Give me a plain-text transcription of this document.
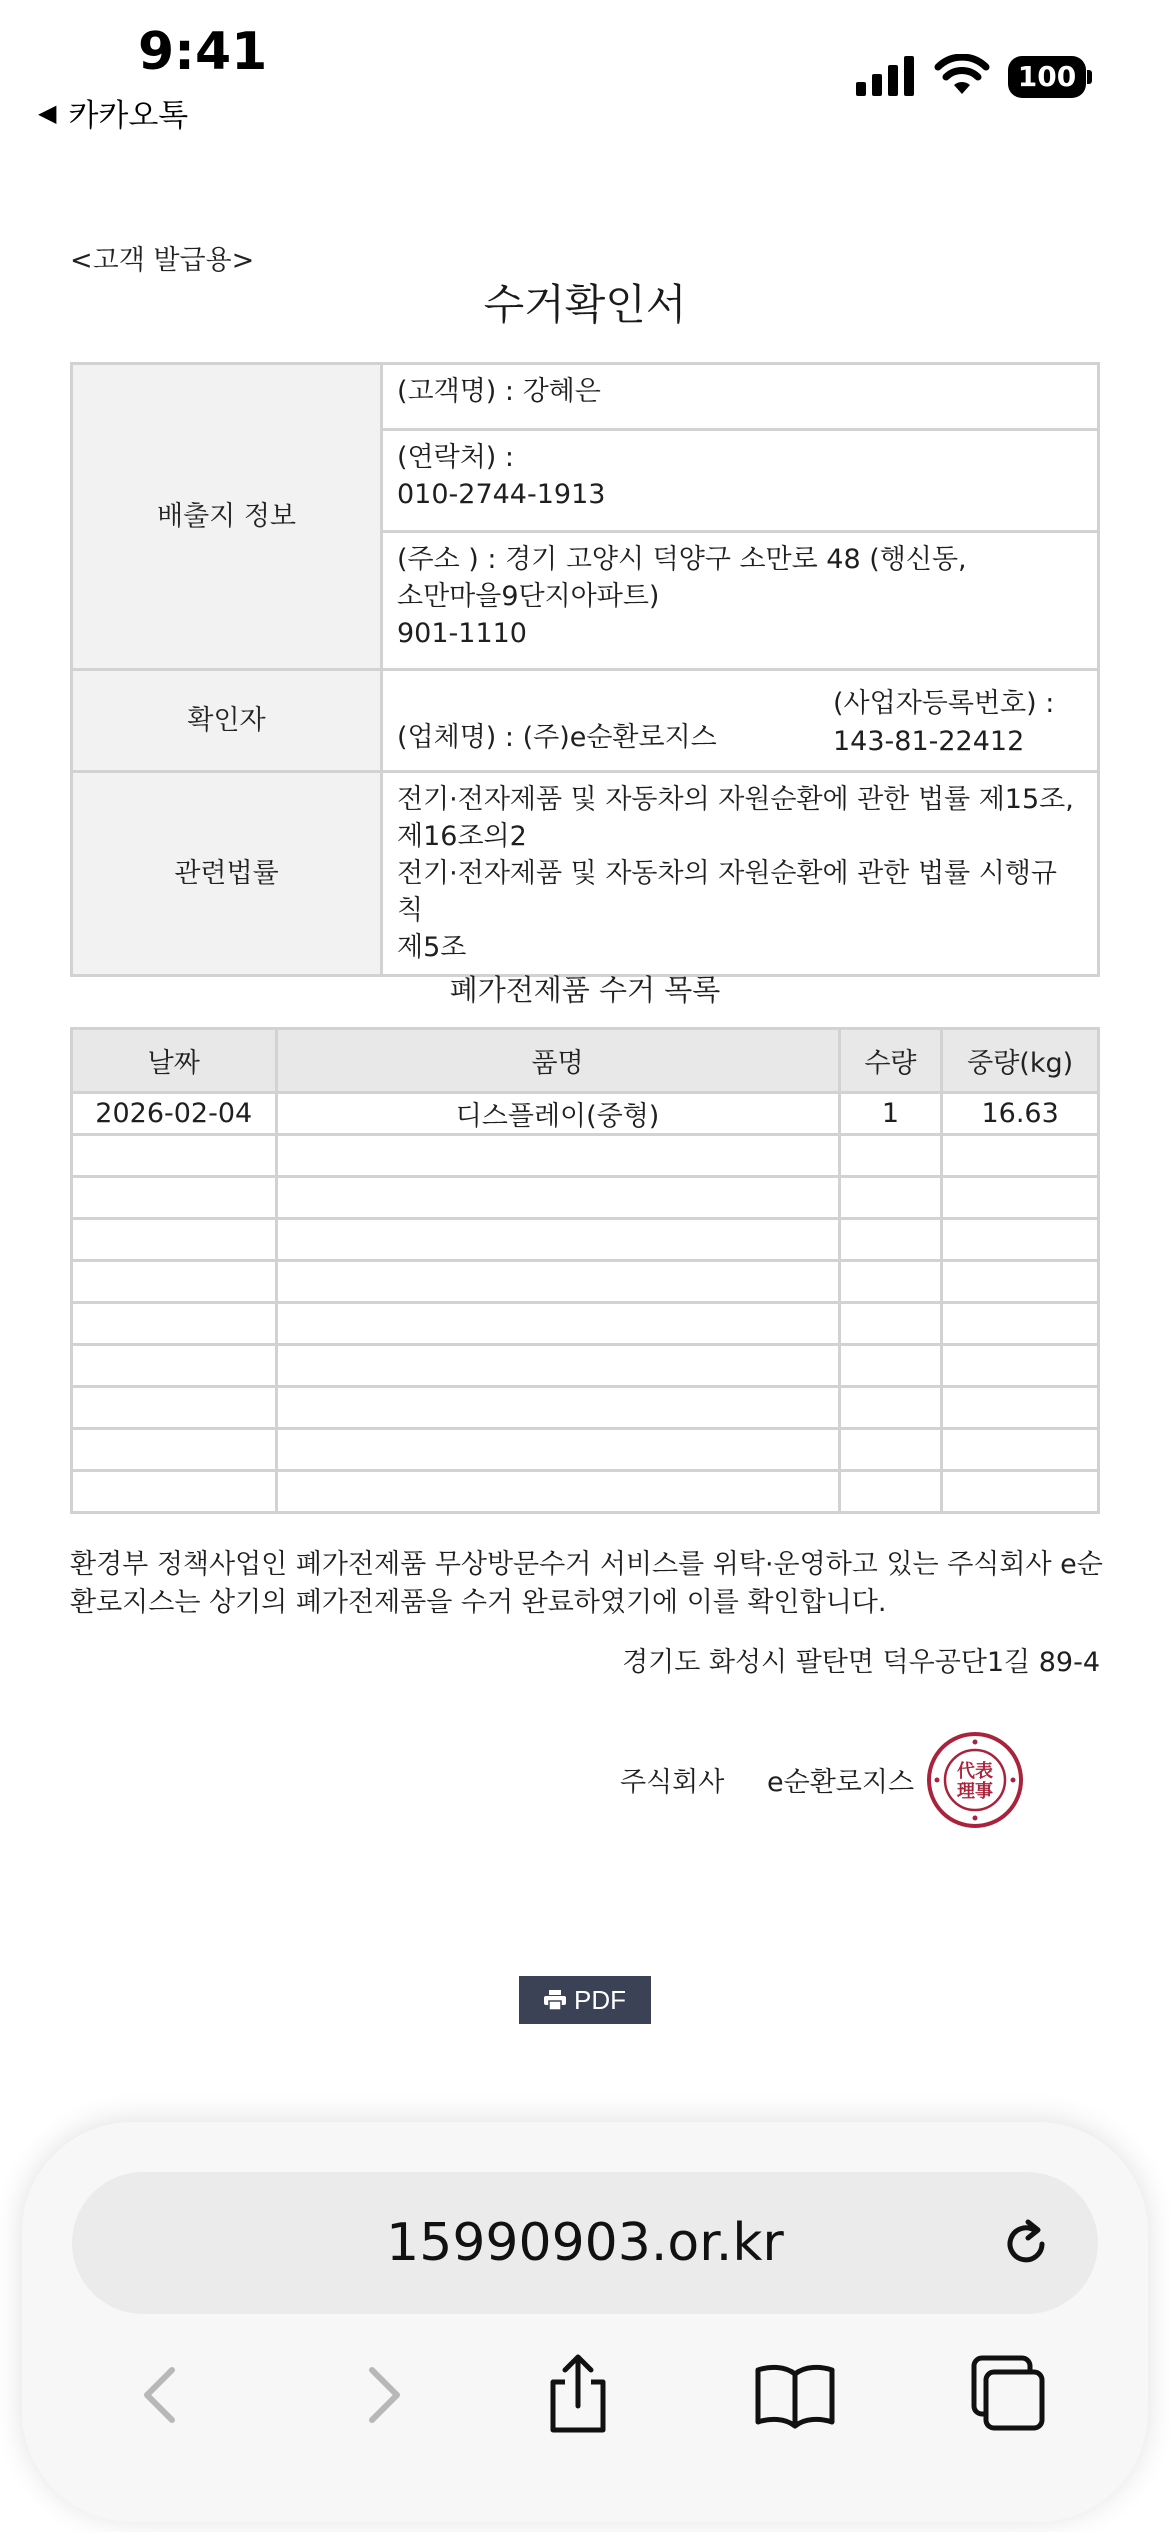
9:41
◀ 카카오톡
100
<고객 발급용>
수거확인서
배출지 정보	(고객명) : 강혜은

	(연락처) :
010-2744-1913

	(주소 ) : 경기 고양시 덕양구 소만로 48 (행신동,
소만마을9단지아파트)
901-1110

확인자	(업체명) : (주)e순환로지스
(사업자등록번호) :
143-81-22412

관련법률	전기·전자제품 및 자동차의 자원순환에 관한 법률 제15조,
제16조의2
전기·전자제품 및 자동차의 자원순환에 관한 법률 시행규칙
제5조
폐가전제품 수거 목록
날짜	품명	수량	중량(kg)
2026-02-04	디스플레이(중형)	1	16.63

환경부 정책사업인 폐가전제품 무상방문수거 서비스를 위탁·운영하고 있는 주식회사 e순
환로지스는 상기의 폐가전제품을 수거 완료하였기에 이를 확인합니다.
경기도 화성시 팔탄면 덕우공단1길 89-4
주식회사 e순환로지스 代表
理事
PDF
15990903.or.kr
